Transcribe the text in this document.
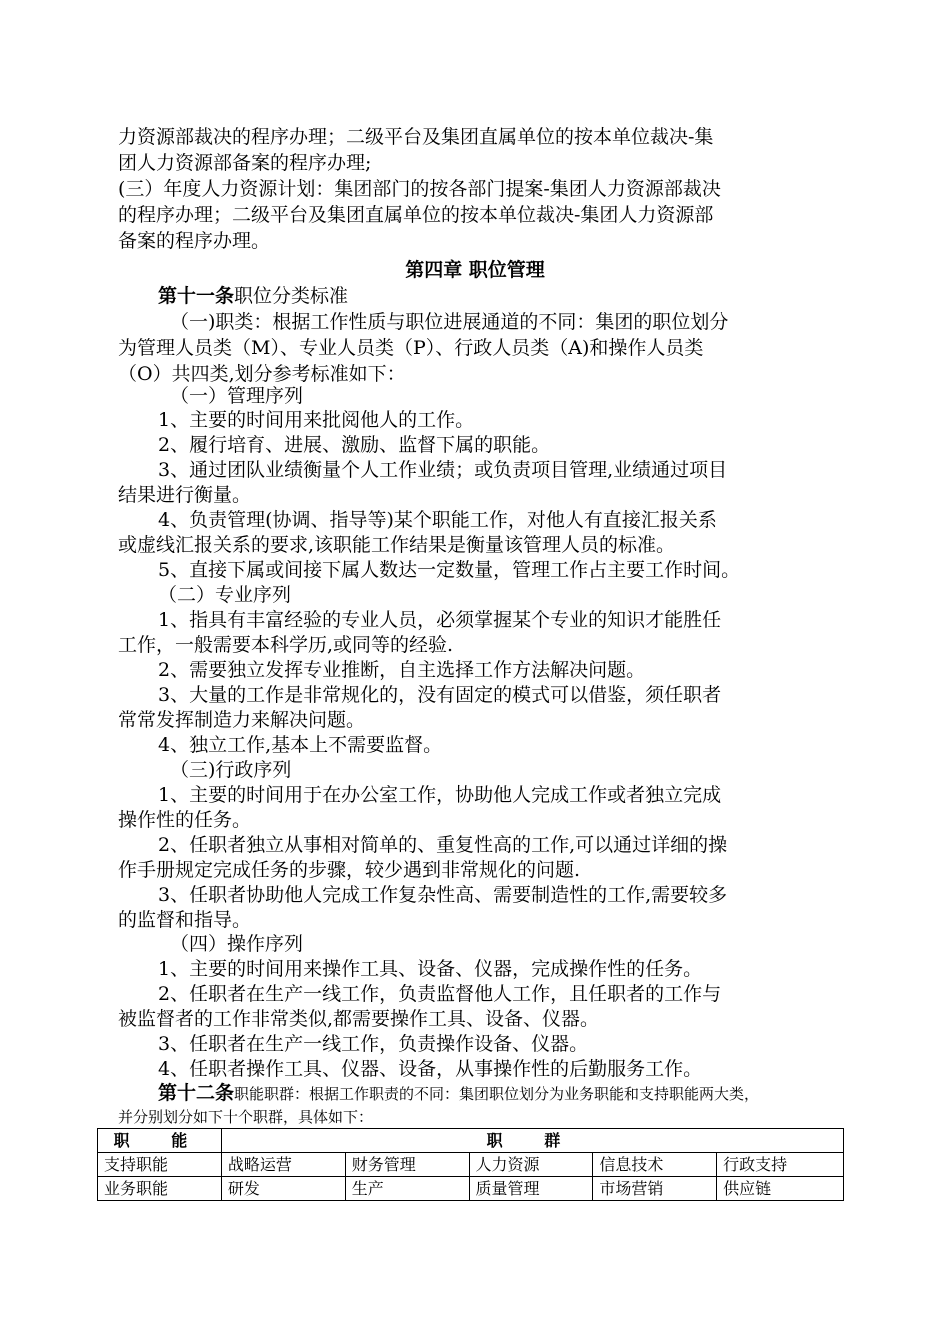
力资源部裁决的程序办理；二级平台及集团直属单位的按本单位裁决-集
团人力资源部备案的程序办理;
(三）年度人力资源计划：集团部门的按各部门提案-集团人力资源部裁决
的程序办理；二级平台及集团直属单位的按本单位裁决-集团人力资源部
备案的程序办理。
第四章 职位管理
第十一条职位分类标准
（一)职类：根据工作性质与职位进展通道的不同：集团的职位划分
为管理人员类（M）、专业人员类（P）、行政人员类（A)和操作人员类
（O）共四类,划分参考标准如下：
（一）管理序列
1、主要的时间用来批阅他人的工作。
2、履行培育、进展、激励、监督下属的职能。
3、通过团队业绩衡量个人工作业绩；或负责项目管理,业绩通过项目
结果进行衡量。
4、负责管理(协调、指导等)某个职能工作，对他人有直接汇报关系
或虚线汇报关系的要求,该职能工作结果是衡量该管理人员的标准。
5、直接下属或间接下属人数达一定数量，管理工作占主要工作时间。
（二）专业序列
1、指具有丰富经验的专业人员，必须掌握某个专业的知识才能胜任
工作，一般需要本科学历,或同等的经验.
2、需要独立发挥专业推断，自主选择工作方法解决问题。
3、大量的工作是非常规化的，没有固定的模式可以借鉴，须任职者
常常发挥制造力来解决问题。
4、独立工作,基本上不需要监督。
（三)行政序列
1、主要的时间用于在办公室工作，协助他人完成工作或者独立完成
操作性的任务。
2、任职者独立从事相对简单的、重复性高的工作,可以通过详细的操
作手册规定完成任务的步骤，较少遇到非常规化的问题.
3、任职者协助他人完成工作复杂性高、需要制造性的工作,需要较多
的监督和指导。
（四）操作序列
1、主要的时间用来操作工具、设备、仪器，完成操作性的任务。
2、任职者在生产一线工作，负责监督他人工作，且任职者的工作与
被监督者的工作非常类似,都需要操作工具、设备、仪器。
3、任职者在生产一线工作，负责操作设备、仪器。
4、任职者操作工具、仪器、设备，从事操作性的后勤服务工作。
第十二条职能职群：根据工作职责的不同：集团职位划分为业务职能和支持职能两大类，
并分别划分如下十个职群，具体如下：
职 能	职 群				
支持职能	战略运营	财务管理	人力资源	信息技术	行政支持
业务职能	研发	生产	质量管理	市场营销	供应链
